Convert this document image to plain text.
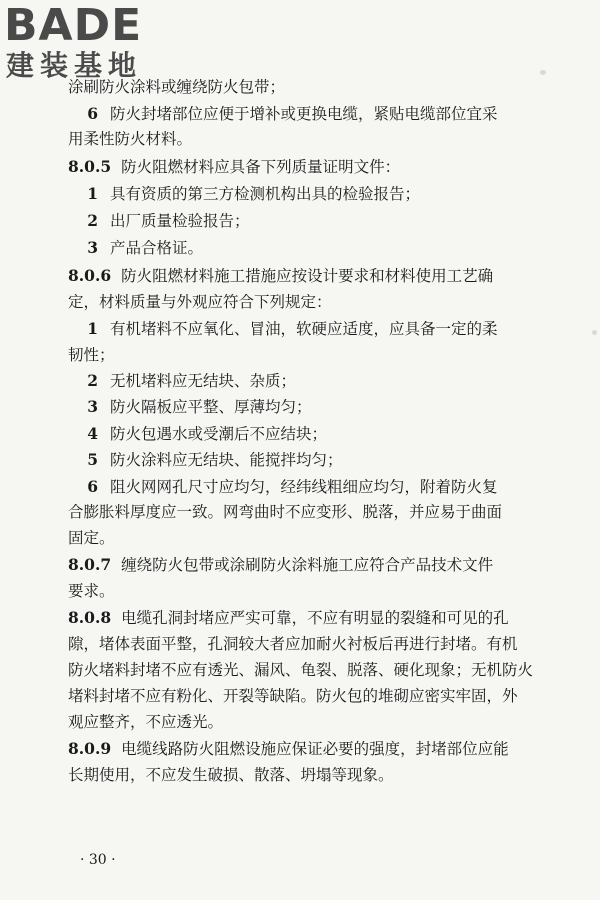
BADE
建装基地
涂刷防火涂料或缠绕防火包带；
6 防火封堵部位应便于增补或更换电缆，紧贴电缆部位宜采
用柔性防火材料。
8.0.5 防火阻燃材料应具备下列质量证明文件：
1 具有资质的第三方检测机构出具的检验报告；
2 出厂质量检验报告；
3 产品合格证。
8.0.6 防火阻燃材料施工措施应按设计要求和材料使用工艺确
定，材料质量与外观应符合下列规定：
1 有机堵料不应氧化、冒油，软硬应适度，应具备一定的柔
韧性；
2 无机堵料应无结块、杂质；
3 防火隔板应平整、厚薄均匀；
4 防火包遇水或受潮后不应结块；
5 防火涂料应无结块、能搅拌均匀；
6 阻火网网孔尺寸应均匀，经纬线粗细应均匀，附着防火复
合膨胀料厚度应一致。网弯曲时不应变形、脱落，并应易于曲面
固定。
8.0.7 缠绕防火包带或涂刷防火涂料施工应符合产品技术文件
要求。
8.0.8 电缆孔洞封堵应严实可靠，不应有明显的裂缝和可见的孔
隙，堵体表面平整，孔洞较大者应加耐火衬板后再进行封堵。有机
防火堵料封堵不应有透光、漏风、龟裂、脱落、硬化现象；无机防火
堵料封堵不应有粉化、开裂等缺陷。防火包的堆砌应密实牢固，外
观应整齐，不应透光。
8.0.9 电缆线路防火阻燃设施应保证必要的强度，封堵部位应能
长期使用，不应发生破损、散落、坍塌等现象。
· 30 ·
